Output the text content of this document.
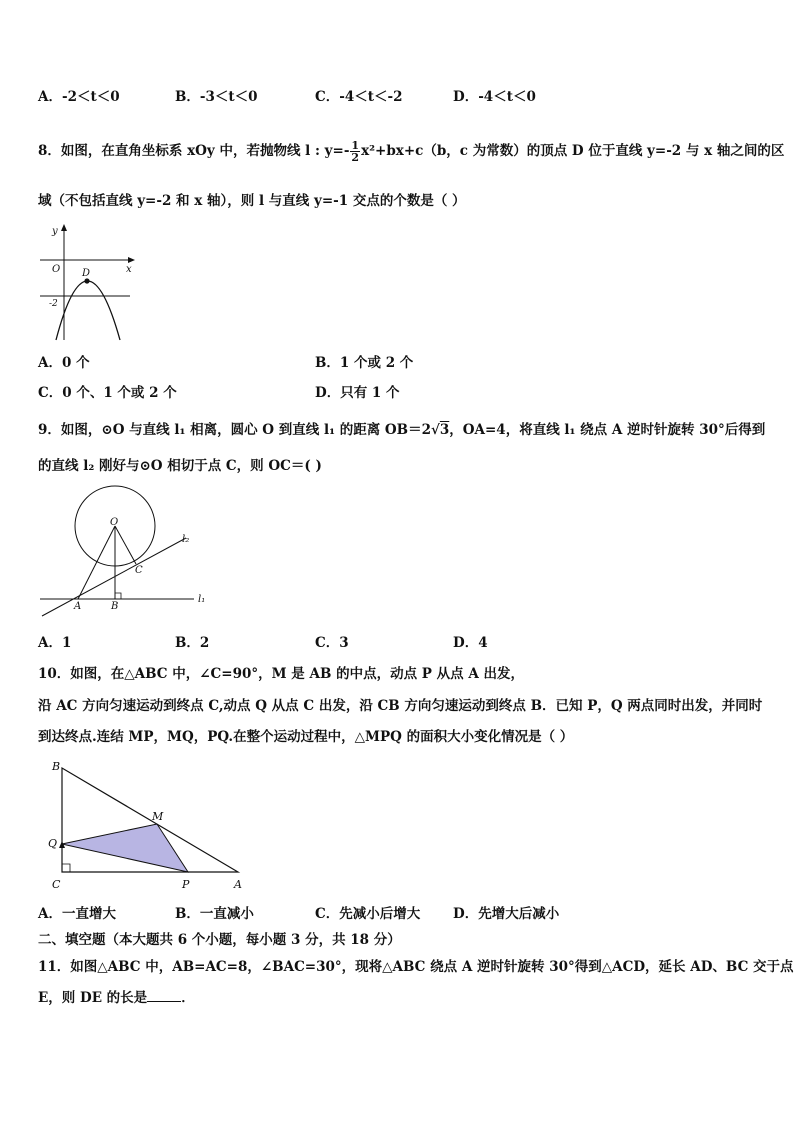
A．-2＜t＜0	B．-3＜t＜0	C．-4＜t＜-2	D．-4＜t＜0
8．如图，在直角坐标系 xOy 中，若抛物线 l : $y=- \frac{1}{2} x^2+bx+c(b$，c 为常数）的顶点 D 位于直线 y=-2 与 x 轴之间的区
域（不包括直线 y=-2 和 x 轴），则 l 与直线 y=-1 交点的个数是（ ）
y
x
O D
-2
A．0 个	B．1 个或 2 个
C．0 个、1 个或 2 个	D．只有 1 个
9．如图，⊙O 与直线 l₁ 相离，圆心 O 到直线 l₁ 的距离 OB＝2√3，OA=4，将直线 l₁ 绕点 A 逆时针旋转 30°后得到
的直线 l₂ 刚好与⊙O 相切于点 C，则 OC＝( )
O
C
A	B
l₁
l₂
A．1	B．2	C．3	D．4
10．如图，在△ABC 中，∠C=90°，M 是 AB 的中点，动点 P 从点 A 出发，
沿 AC 方向匀速运动到终点 C,动点 Q 从点 C 出发，沿 CB 方向匀速运动到终点 B．已知 P，Q 两点同时出发，并同时
到达终点.连结 MP，MQ，PQ.在整个运动过程中，△MPQ 的面积大小变化情况是（ ）
B
M
Q
C	P	A
A．一直增大	B．一直减小	C．先减小后增大 D．先增大后减小
二、填空题（本大题共 6 个小题，每小题 3 分，共 18 分）
11．如图△ABC 中，AB=AC=8，∠BAC=30°，现将△ABC 绕点 A 逆时针旋转 30°得到△ACD，延长 AD、BC 交于点
E，则 DE 的长是	．
